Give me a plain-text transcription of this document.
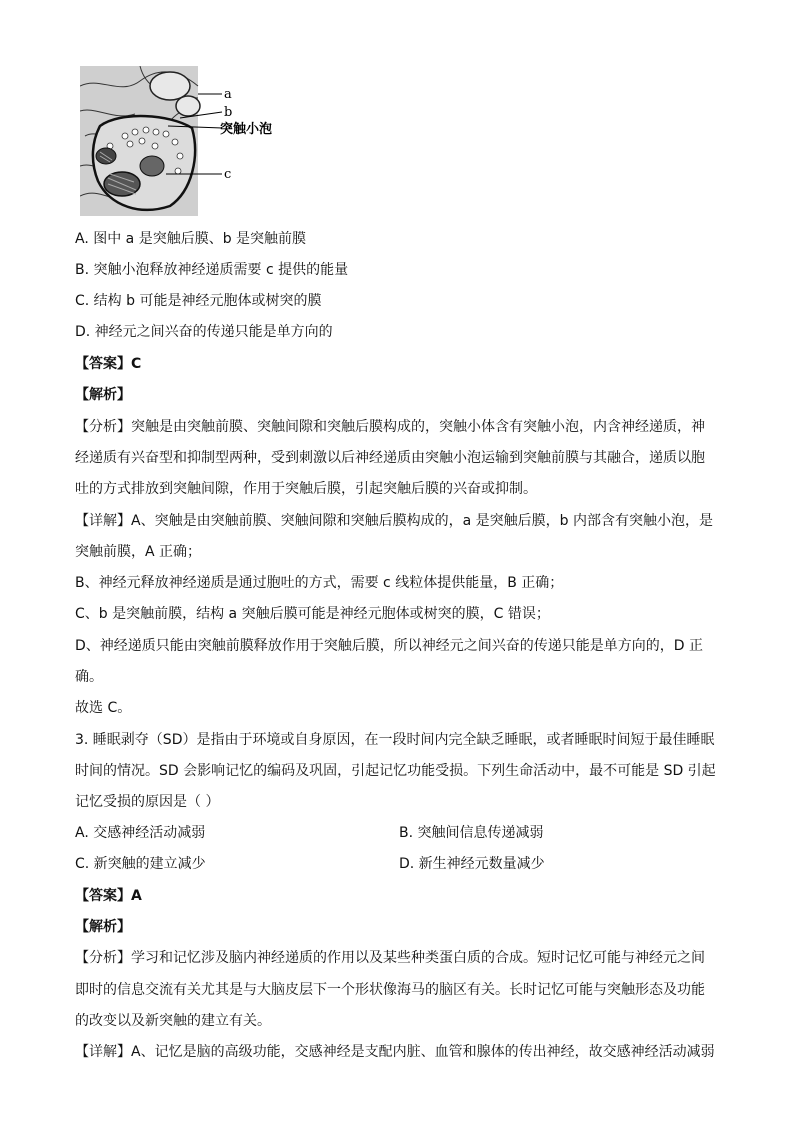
a
b
突触小泡
c
A. 图中 a 是突触后膜、b 是突触前膜
B. 突触小泡释放神经递质需要 c 提供的能量
C. 结构 b 可能是神经元胞体或树突的膜
D. 神经元之间兴奋的传递只能是单方向的
【答案】C
【解析】
【分析】突触是由突触前膜、突触间隙和突触后膜构成的，突触小体含有突触小泡，内含神经递质，神
经递质有兴奋型和抑制型两种，受到刺激以后神经递质由突触小泡运输到突触前膜与其融合，递质以胞
吐的方式排放到突触间隙，作用于突触后膜，引起突触后膜的兴奋或抑制。
【详解】A、突触是由突触前膜、突触间隙和突触后膜构成的，a 是突触后膜，b 内部含有突触小泡，是
突触前膜，A 正确；
B、神经元释放神经递质是通过胞吐的方式，需要 c 线粒体提供能量，B 正确；
C、b 是突触前膜，结构 a 突触后膜可能是神经元胞体或树突的膜，C 错误；
D、神经递质只能由突触前膜释放作用于突触后膜，所以神经元之间兴奋的传递只能是单方向的，D 正
确。
故选 C。
3. 睡眠剥夺（SD）是指由于环境或自身原因，在一段时间内完全缺乏睡眠，或者睡眠时间短于最佳睡眠
时间的情况。SD 会影响记忆的编码及巩固，引起记忆功能受损。下列生命活动中，最不可能是 SD 引起
记忆受损的原因是（ ）
A. 交感神经活动减弱	B. 突触间信息传递减弱
C. 新突触的建立减少	D. 新生神经元数量减少
【答案】A
【解析】
【分析】学习和记忆涉及脑内神经递质的作用以及某些种类蛋白质的合成。短时记忆可能与神经元之间
即时的信息交流有关尤其是与大脑皮层下一个形状像海马的脑区有关。长时记忆可能与突触形态及功能
的改变以及新突触的建立有关。
【详解】A、记忆是脑的高级功能，交感神经是支配内脏、血管和腺体的传出神经，故交感神经活动减弱
